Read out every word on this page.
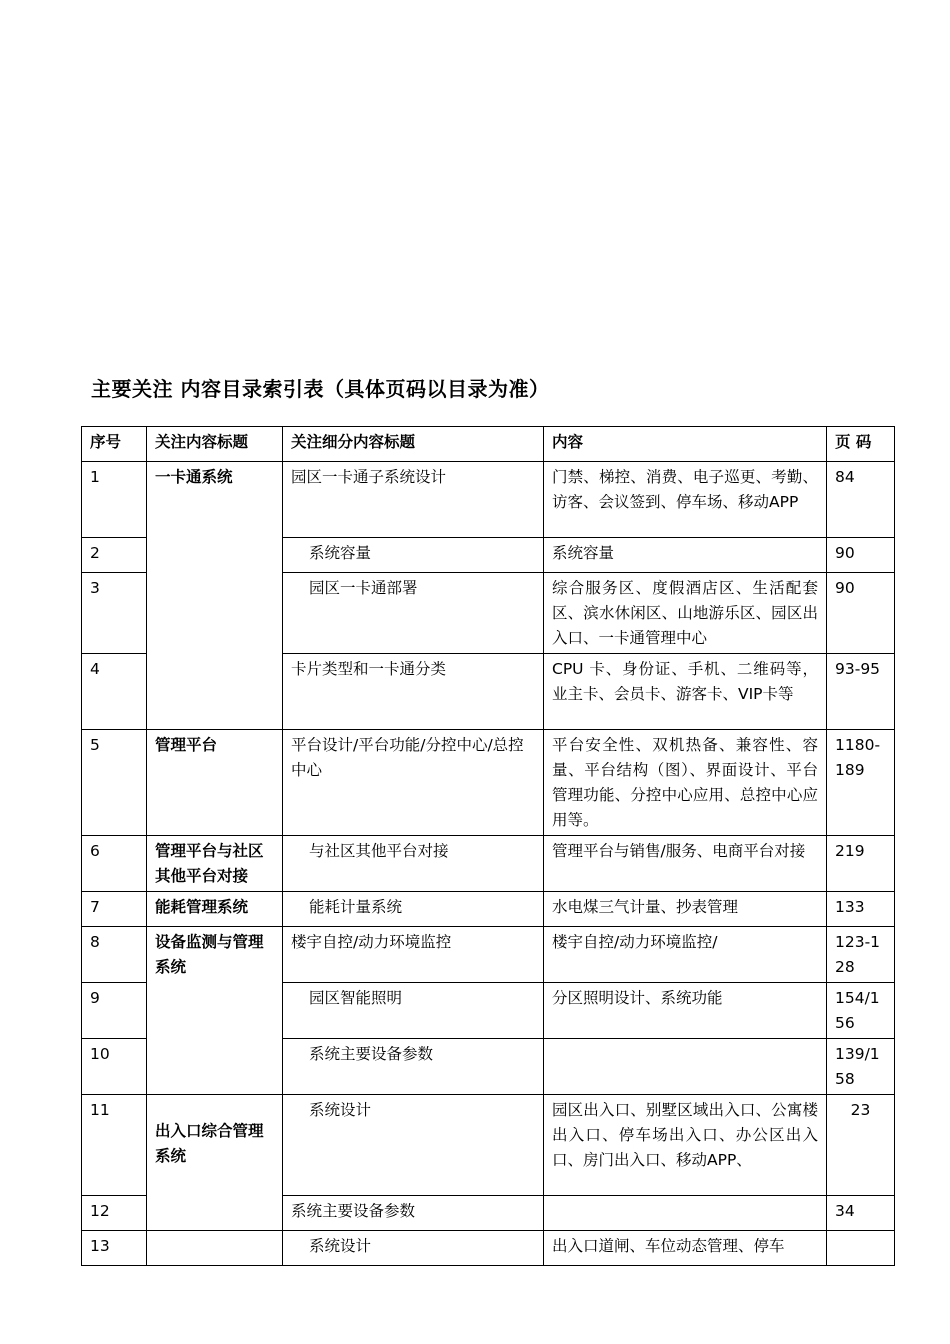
主要关注 内容目录索引表（具体页码以目录为准）
序号	关注内容标题	关注细分内容标题	内容	页 码
1	一卡通系统	园区一卡通子系统设计	门禁、梯控、消费、电子巡更、考勤、访客、会议签到、停车场、移动APP	84
2		系统容量	系统容量	90
3		园区一卡通部署	综合服务区、度假酒店区、生活配套区、滨水休闲区、山地游乐区、园区出入口、一卡通管理中心	90
4		卡片类型和一卡通分类	CPU 卡、身份证、手机、二维码等，业主卡、会员卡、游客卡、VIP卡等	93-95
5	管理平台	平台设计/平台功能/分控中心/总控中心	平台安全性、双机热备、兼容性、容量、平台结构（图）、界面设计、平台管理功能、分控中心应用、总控中心应用等。	1180-189
6	管理平台与社区其他平台对接	与社区其他平台对接	管理平台与销售/服务、电商平台对接	219
7	能耗管理系统	能耗计量系统	水电煤三气计量、抄表管理	133
8	设备监测与管理系统	楼宇自控/动力环境监控	楼宇自控/动力环境监控/	123-128
9		园区智能照明	分区照明设计、系统功能	154/156
10		系统主要设备参数		139/158
11	出入口综合管理系统	系统设计	园区出入口、别墅区域出入口、公寓楼出入口、停车场出入口、办公区出入口、房门出入口、移动APP、	23
12		系统主要设备参数		34
13		系统设计	出入口道闸、车位动态管理、停车	
